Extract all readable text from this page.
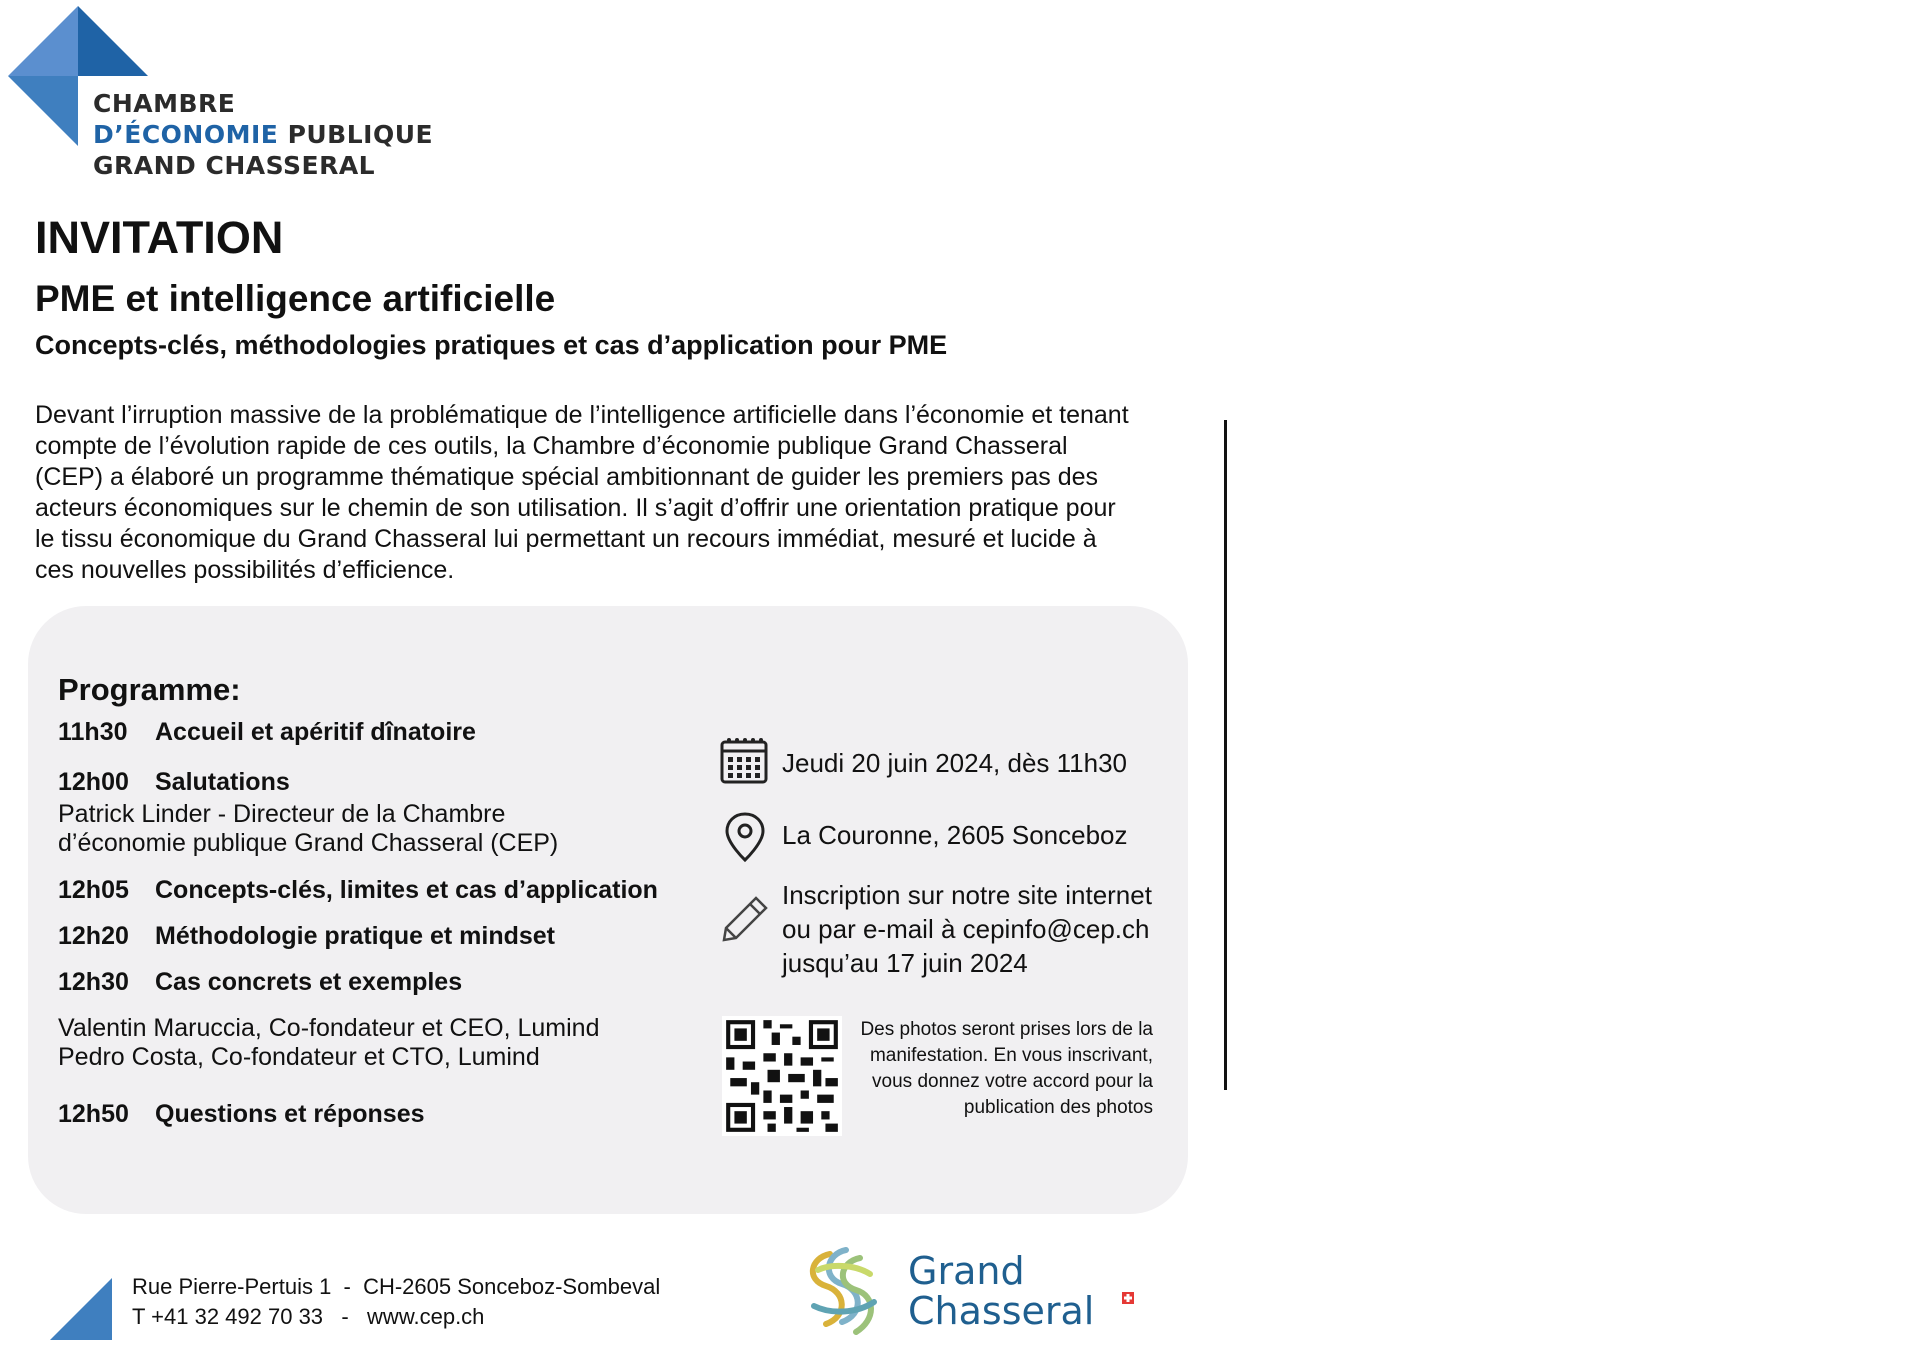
CHAMBRE
D’ÉCONOMIE PUBLIQUE
GRAND CHASSERAL
INVITATION
PME et intelligence artificielle
Concepts-clés, méthodologies pratiques et cas d’application pour PME
Devant l’irruption massive de la problématique de l’intelligence artificielle dans l’économie et tenant
compte de l’évolution rapide de ces outils, la Chambre d’économie publique Grand Chasseral
(CEP) a élaboré un programme thématique spécial ambitionnant de guider les premiers pas des
acteurs économiques sur le chemin de son utilisation. Il s’agit d’offrir une orientation pratique pour
le tissu économique du Grand Chasseral lui permettant un recours immédiat, mesuré et lucide à
ces nouvelles possibilités d’efficience.
Programme:
11h30 Accueil et apéritif dînatoire
12h00 Salutations
Patrick Linder - Directeur de la Chambre
d’économie publique Grand Chasseral (CEP)
12h05 Concepts-clés, limites et cas d’application
12h20 Méthodologie pratique et mindset
12h30 Cas concrets et exemples
Valentin Maruccia, Co-fondateur et CEO, Lumind
Pedro Costa, Co-fondateur et CTO, Lumind
12h50 Questions et réponses
Jeudi 20 juin 2024, dès 11h30
La Couronne, 2605 Sonceboz
Inscription sur notre site internet
ou par e-mail à cepinfo@cep.ch
jusqu’au 17 juin 2024
Des photos seront prises lors de la
manifestation. En vous inscrivant,
vous donnez votre accord pour la
publication des photos
Rue Pierre-Pertuis 1  -  CH-2605 Sonceboz-Sombeval
T +41 32 492 70 33   -   www.cep.ch
Grand
Chasseral
